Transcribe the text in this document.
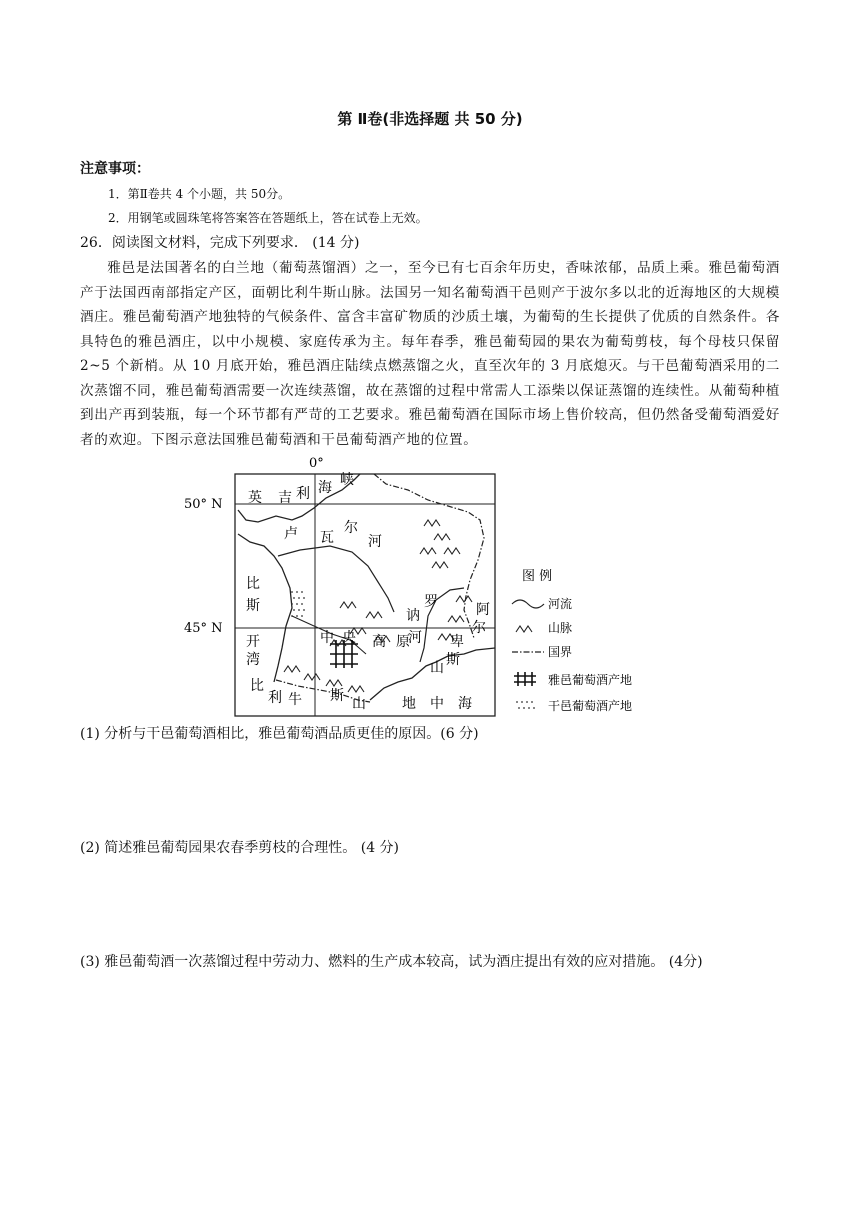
第 Ⅱ卷(非选择题 共 50 分)
注意事项：
1．第Ⅱ卷共 4 个小题，共 50分。
2．用钢笔或圆珠笔将答案答在答题纸上，答在试卷上无效。
26．阅读图文材料，完成下列要求． (14 分)
雅邑是法国著名的白兰地（葡萄蒸馏酒）之一，至今已有七百余年历史，香味浓郁，品质上乘。雅邑葡萄酒产于法国西南部指定产区，面朝比利牛斯山脉。法国另一知名葡萄酒干邑则产于波尔多以北的近海地区的大规模酒庄。雅邑葡萄酒产地独特的气候条件、富含丰富矿物质的沙质土壤，为葡萄的生长提供了优质的自然条件。各具特色的雅邑酒庄，以中小规模、家庭传承为主。每年春季，雅邑葡萄园的果农为葡萄剪枝，每个母枝只保留2~5 个新梢。从 10 月底开始，雅邑酒庄陆续点燃蒸馏之火，直至次年的 3 月底熄灭。与干邑葡萄酒采用的二次蒸馏不同，雅邑葡萄酒需要一次连续蒸馏，故在蒸馏的过程中常需人工添柴以保证蒸馏的连续性。从葡萄种植到出产再到装瓶，每一个环节都有严苛的工艺要求。雅邑葡萄酒在国际市场上售价较高，但仍然备受葡萄酒爱好者的欢迎。下图示意法国雅邑葡萄酒和干邑葡萄酒产地的位置。
0°
50° N
45° N
英 吉 利 海 峡
卢 瓦
尔
河
比
斯
开
湾
中 央 高 原
罗
讷
河
阿
尔
卑
斯
山
比
利 牛 斯 山	地 中 海
图 例
河流
山脉
国界
雅邑葡萄酒产地
干邑葡萄酒产地
(1) 分析与干邑葡萄酒相比，雅邑葡萄酒品质更佳的原因。(6 分)
(2) 简述雅邑葡萄园果农春季剪枝的合理性。 (4 分)
(3) 雅邑葡萄酒一次蒸馏过程中劳动力、燃料的生产成本较高，试为酒庄提出有效的应对措施。 (4分)
